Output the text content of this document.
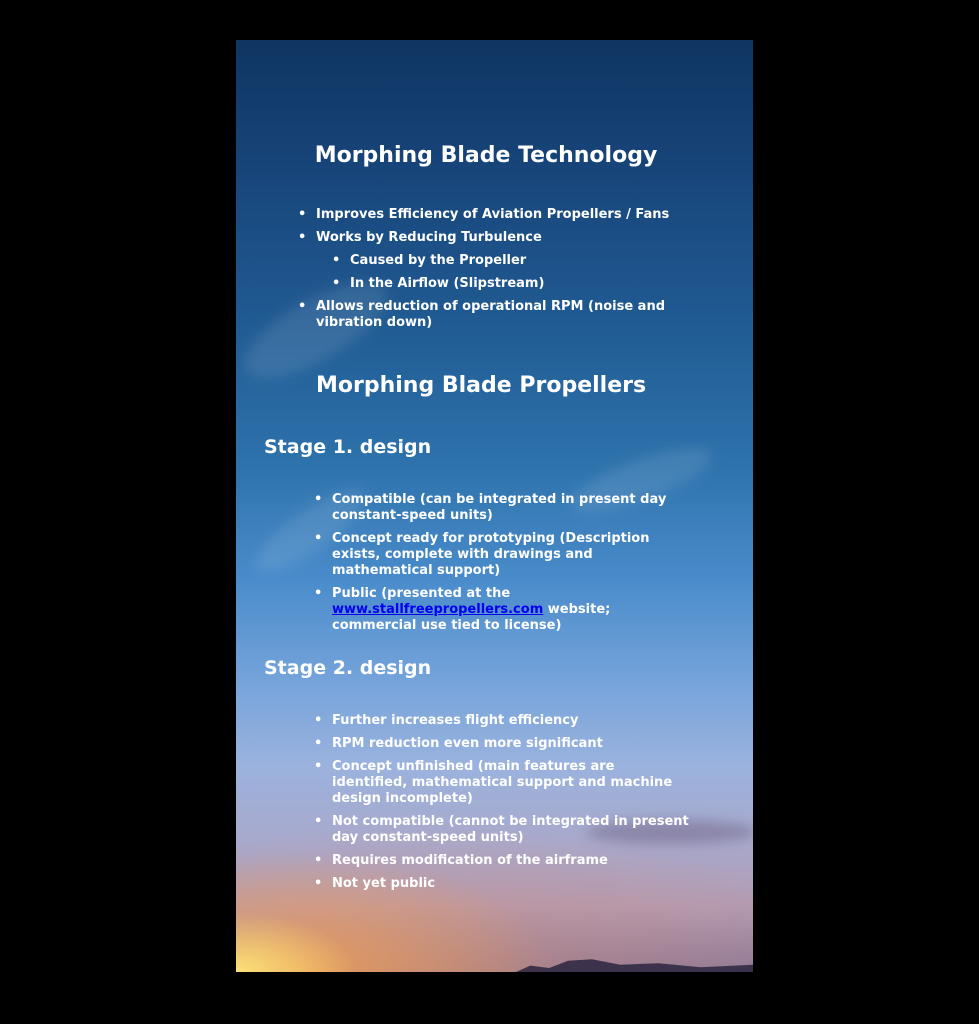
Morphing Blade Technology
• Improves Efficiency of Aviation Propellers / Fans
• Works by Reducing Turbulence
• Caused by the Propeller
• In the Airflow (Slipstream)
• Allows reduction of operational RPM (noise and vibration down)
Morphing Blade Propellers
Stage 1. design
• Compatible (can be integrated in present day constant-speed units)
• Concept ready for prototyping (Description exists, complete with drawings and mathematical support)
• Public (presented at the www.stallfreepropellers.com website; commercial use tied to license)
Stage 2. design
• Further increases flight efficiency
• RPM reduction even more significant
• Concept unfinished (main features are identified, mathematical support and machine design incomplete)
• Not compatible (cannot be integrated in present day constant-speed units)
• Requires modification of the airframe
• Not yet public
